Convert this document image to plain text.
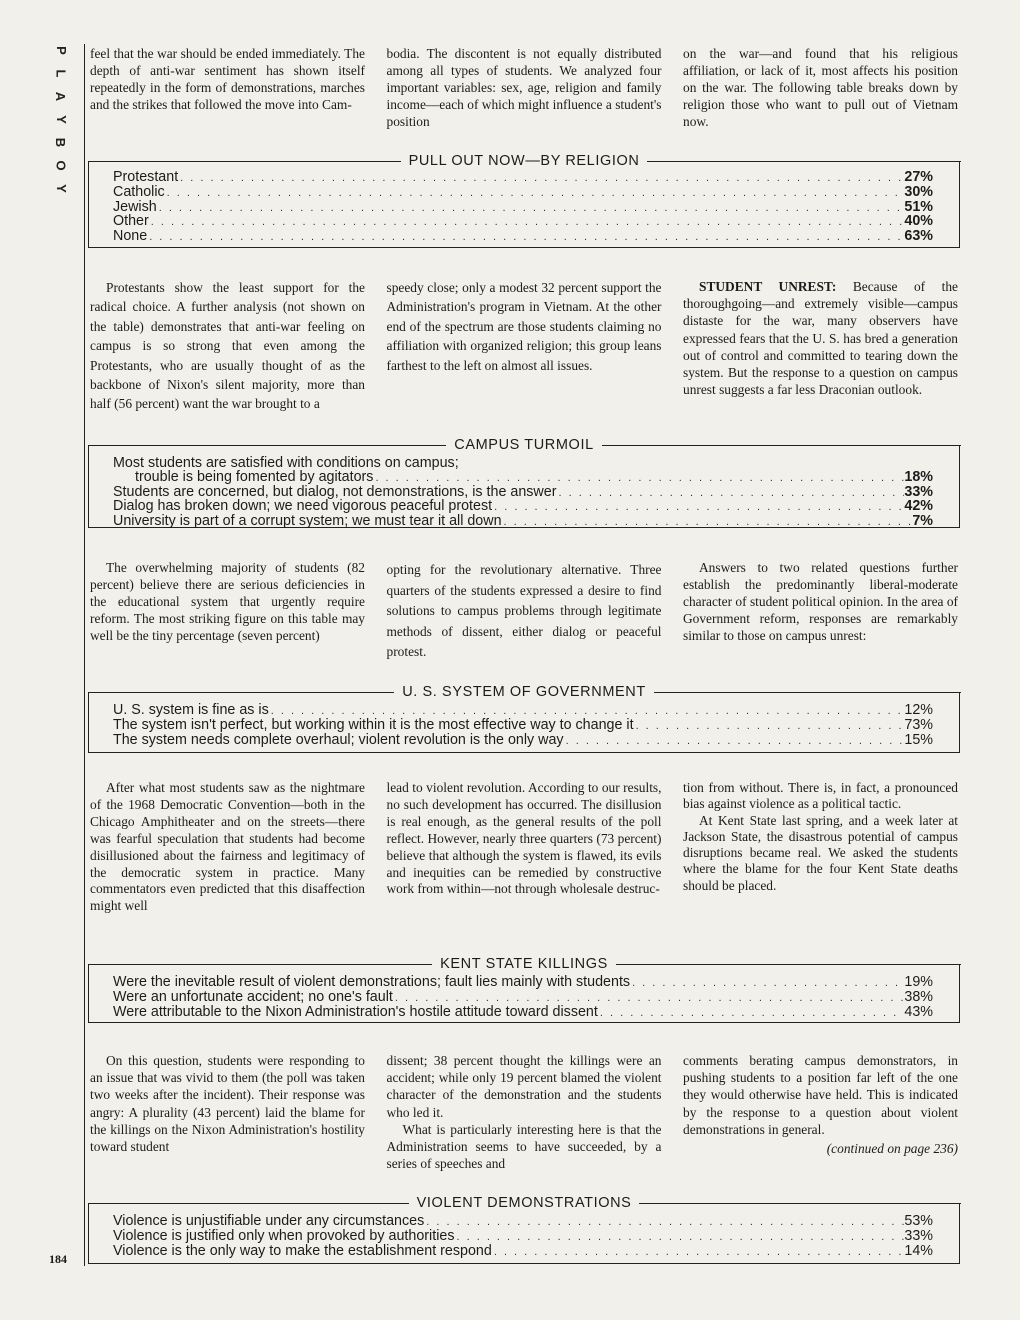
P
L
A
Y
B
O
Y
184

feel that the war should be ended immediately. The depth of anti-war sentiment has shown itself repeatedly in the form of demonstrations, marches and the strikes that followed the move into Cam-

bodia. The discontent is not equally distributed among all types of students. We analyzed four important variables: sex, age, religion and family income—each of which might influence a student's position

on the war—and found that his religious affiliation, or lack of it, most affects his position on the war. The following table breaks down by religion those who want to pull out of Vietnam now.

PULL OUT NOW—BY RELIGION
Protestant . . .	27%
Catholic . . .	30%
Jewish . . .	51%
Other . . .	40%
None . . .	63%

Protestants show the least support for the radical choice. A further analysis (not shown on the table) demonstrates that anti-war feeling on campus is so strong that even among the Protestants, who are usually thought of as the backbone of Nixon's silent majority, more than half (56 percent) want the war brought to a

speedy close; only a modest 32 percent support the Administration's program in Vietnam. At the other end of the spectrum are those students claiming no affiliation with organized religion; this group leans farthest to the left on almost all issues.

STUDENT UNREST: Because of the thoroughgoing—and extremely visible—campus distaste for the war, many observers have expressed fears that the U. S. has bred a generation out of control and committed to tearing down the system. But the response to a question on campus unrest suggests a far less Draconian outlook.

CAMPUS TURMOIL
Most students are satisfied with conditions on campus;
trouble is being fomented by agitators . . .	18%
Students are concerned, but dialog, not demonstrations, is the answer . . .	33%
Dialog has broken down; we need vigorous peaceful protest . . .	42%
University is part of a corrupt system; we must tear it all down . . .	7%

The overwhelming majority of students (82 percent) believe there are serious deficiencies in the educational system that urgently require reform. The most striking figure on this table may well be the tiny percentage (seven percent)

opting for the revolutionary alternative. Three quarters of the students expressed a desire to find solutions to campus problems through legitimate methods of dissent, either dialog or peaceful protest.

Answers to two related questions further establish the predominantly liberal-moderate character of student political opinion. In the area of Government reform, responses are remarkably similar to those on campus unrest:

U. S. SYSTEM OF GOVERNMENT
U. S. system is fine as is . . .	12%
The system isn't perfect, but working within it is the most effective way to change it . . .	73%
The system needs complete overhaul; violent revolution is the only way . . .	15%

After what most students saw as the nightmare of the 1968 Democratic Convention—both in the Chicago Amphitheater and on the streets—there was fearful speculation that students had become disillusioned about the fairness and legitimacy of the democratic system in practice. Many commentators even predicted that this disaffection might well

lead to violent revolution. According to our results, no such development has occurred. The disillusion is real enough, as the general results of the poll reflect. However, nearly three quarters (73 percent) believe that although the system is flawed, its evils and inequities can be remedied by constructive work from within—not through wholesale destruc-

tion from without. There is, in fact, a pronounced bias against violence as a political tactic.

At Kent State last spring, and a week later at Jackson State, the disastrous potential of campus disruptions became real. We asked the students where the blame for the four Kent State deaths should be placed.

KENT STATE KILLINGS
Were the inevitable result of violent demonstrations; fault lies mainly with students . . .	19%
Were an unfortunate accident; no one's fault . . .	38%
Were attributable to the Nixon Administration's hostile attitude toward dissent . . .	43%

On this question, students were responding to an issue that was vivid to them (the poll was taken two weeks after the incident). Their response was angry: A plurality (43 percent) laid the blame for the killings on the Nixon Administration's hostility toward student

dissent; 38 percent thought the killings were an accident; while only 19 percent blamed the violent character of the demonstration and the students who led it.

What is particularly interesting here is that the Administration seems to have succeeded, by a series of speeches and

comments berating campus demonstrators, in pushing students to a position far left of the one they would otherwise have held. This is indicated by the response to a question about violent demonstrations in general.

(continued on page 236)
VIOLENT DEMONSTRATIONS
Violence is unjustifiable under any circumstances . . .	53%
Violence is justified only when provoked by authorities . . .	33%
Violence is the only way to make the establishment respond . . .	14%
